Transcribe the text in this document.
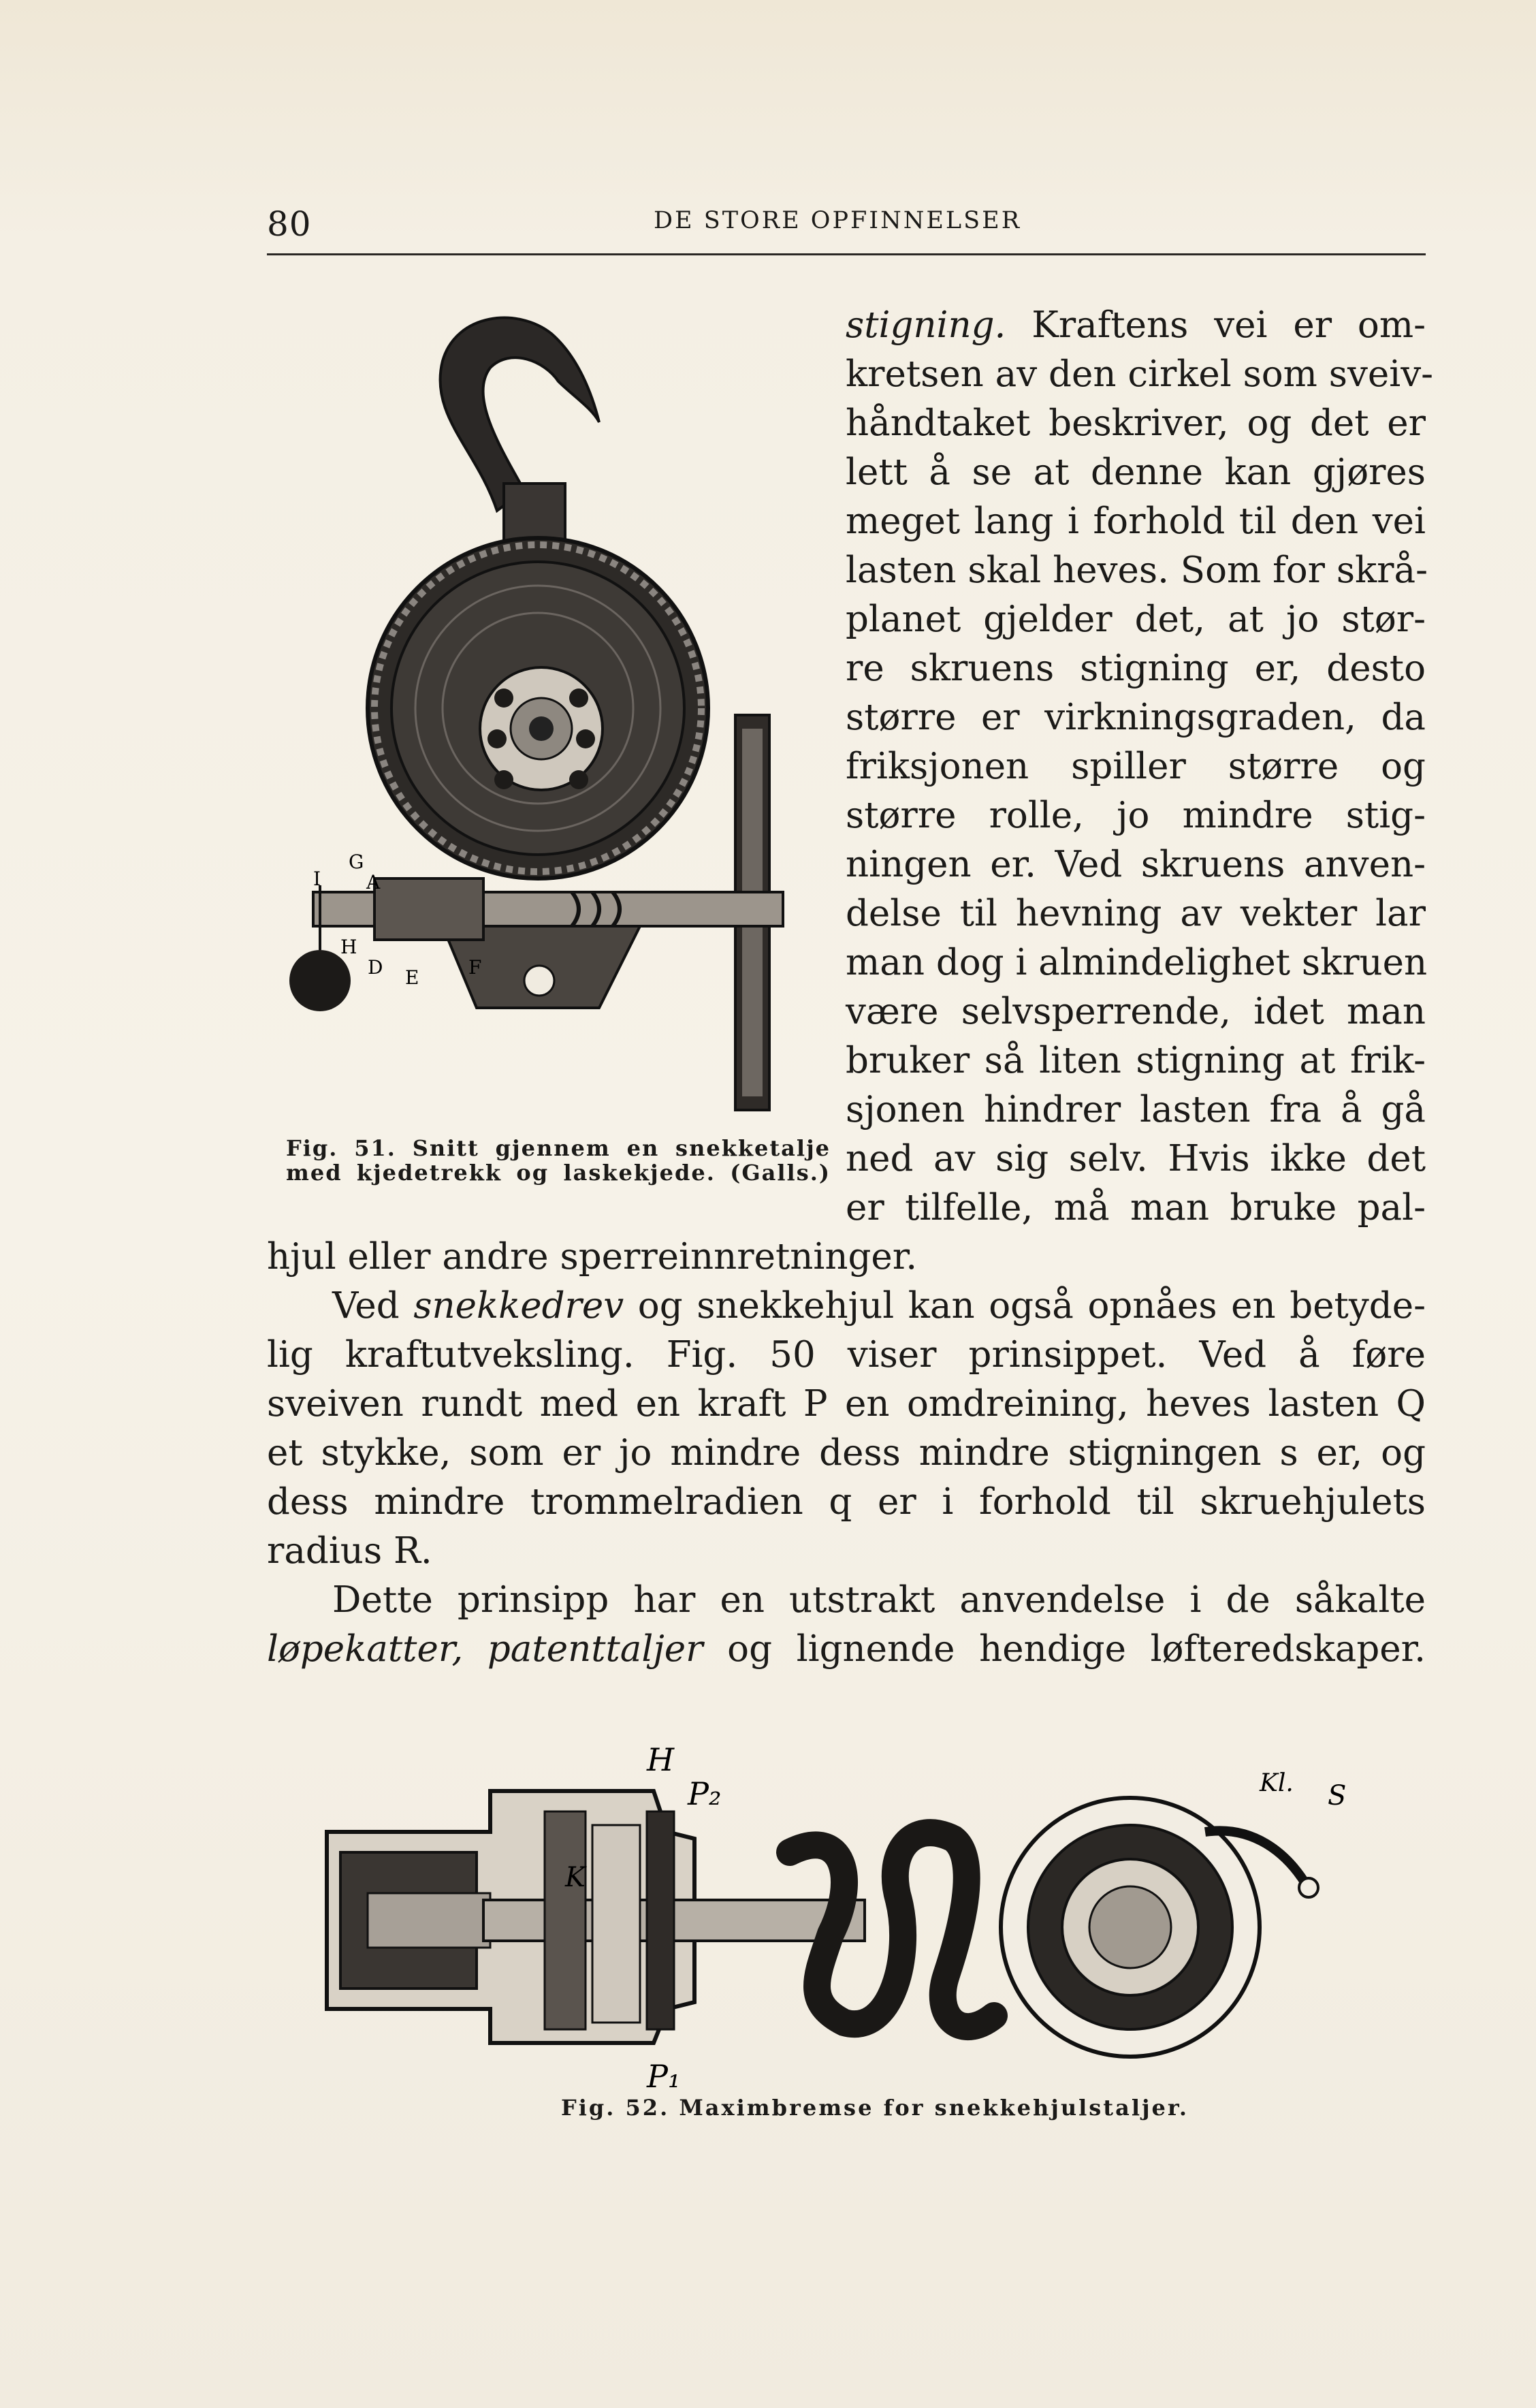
80	DE STORE OPFINNELSER
G
A
I
H
D E	F
Fig. 51. Snitt gjennem en snekketalje
med kjedetrekk og laskekjede. (Galls.)
stigning. Kraftens vei er om-
kretsen av den cirkel som sveiv-
håndtaket beskriver, og det er
lett å se at denne kan gjøres
meget lang i forhold til den vei
lasten skal heves. Som for skrå-
planet gjelder det, at jo stør-
re skruens stigning er, desto
større er virkningsgraden, da
friksjonen spiller større og
større rolle, jo mindre stig-
ningen er. Ved skruens anven-
delse til hevning av vekter lar
man dog i almindelighet skruen
være selvsperrende, idet man
bruker så liten stigning at frik-
sjonen hindrer lasten fra å gå
ned av sig selv. Hvis ikke det
er tilfelle, må man bruke pal-
hjul eller andre sperreinnretninger.
Ved snekkedrev og snekkehjul kan også opnåes en betyde-
lig kraftutveksling. Fig. 50 viser prinsippet. Ved å føre
sveiven rundt med en kraft P en omdreining, heves lasten Q
et stykke, som er jo mindre dess mindre stigningen s er, og
dess mindre trommelradien q er i forhold til skruehjulets
radius R.
Dette prinsipp har en utstrakt anvendelse i de såkalte
løpekatter, patenttaljer og lignende hendige løfteredskaper.
H
P₂
K
P₁
Kl. S
Fig. 52. Maximbremse for snekkehjulstaljer.
